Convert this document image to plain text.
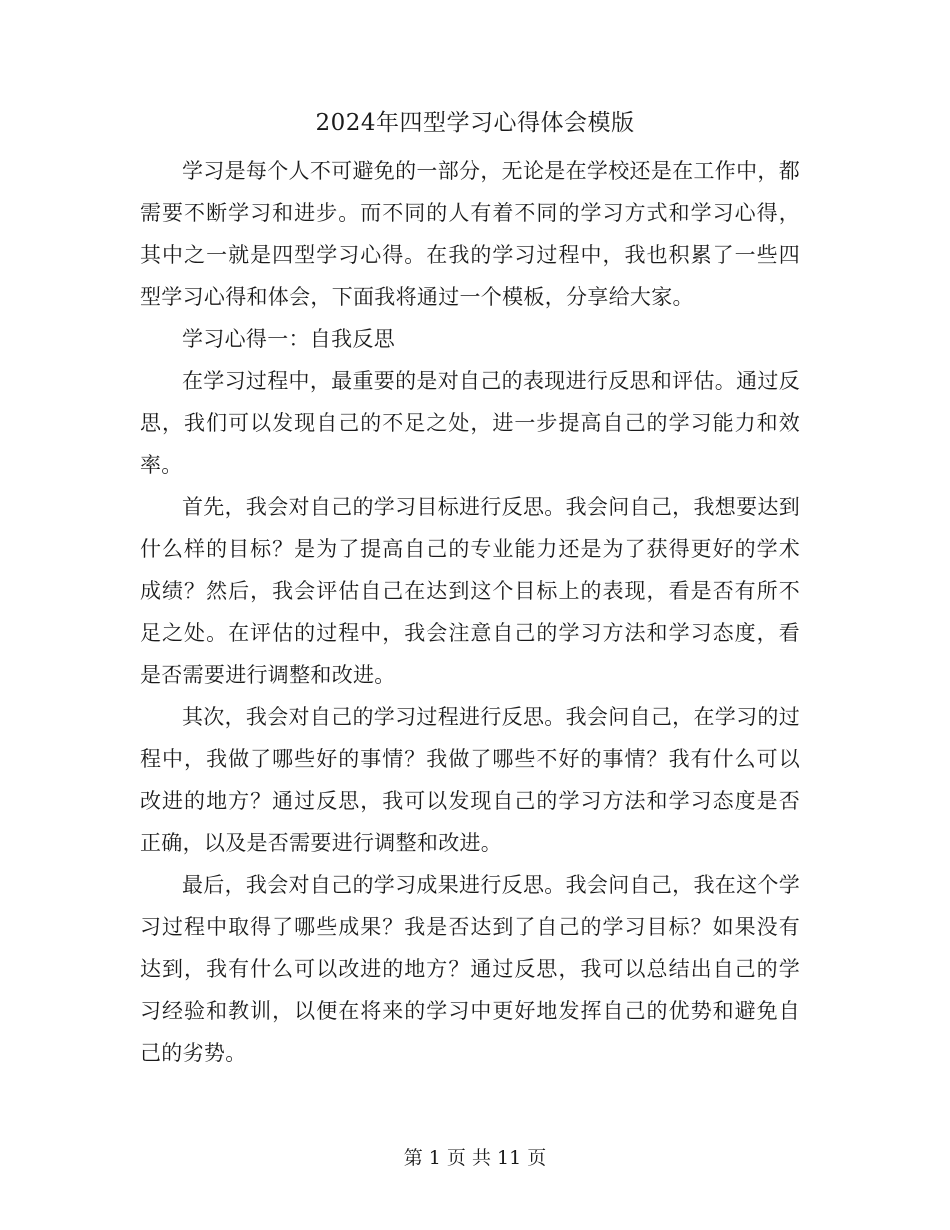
2024年四型学习心得体会模版

学习是每个人不可避免的一部分，无论是在学校还是在工作中，都需要不断学习和进步。而不同的人有着不同的学习方式和学习心得，其中之一就是四型学习心得。在我的学习过程中，我也积累了一些四型学习心得和体会，下面我将通过一个模板，分享给大家。

学习心得一：自我反思

在学习过程中，最重要的是对自己的表现进行反思和评估。通过反思，我们可以发现自己的不足之处，进一步提高自己的学习能力和效率。

首先，我会对自己的学习目标进行反思。我会问自己，我想要达到什么样的目标？是为了提高自己的专业能力还是为了获得更好的学术成绩？然后，我会评估自己在达到这个目标上的表现，看是否有所不足之处。在评估的过程中，我会注意自己的学习方法和学习态度，看是否需要进行调整和改进。

其次，我会对自己的学习过程进行反思。我会问自己，在学习的过程中，我做了哪些好的事情？我做了哪些不好的事情？我有什么可以改进的地方？通过反思，我可以发现自己的学习方法和学习态度是否正确，以及是否需要进行调整和改进。

最后，我会对自己的学习成果进行反思。我会问自己，我在这个学习过程中取得了哪些成果？我是否达到了自己的学习目标？如果没有达到，我有什么可以改进的地方？通过反思，我可以总结出自己的学习经验和教训，以便在将来的学习中更好地发挥自己的优势和避免自己的劣势。

第 1 页 共 11 页
